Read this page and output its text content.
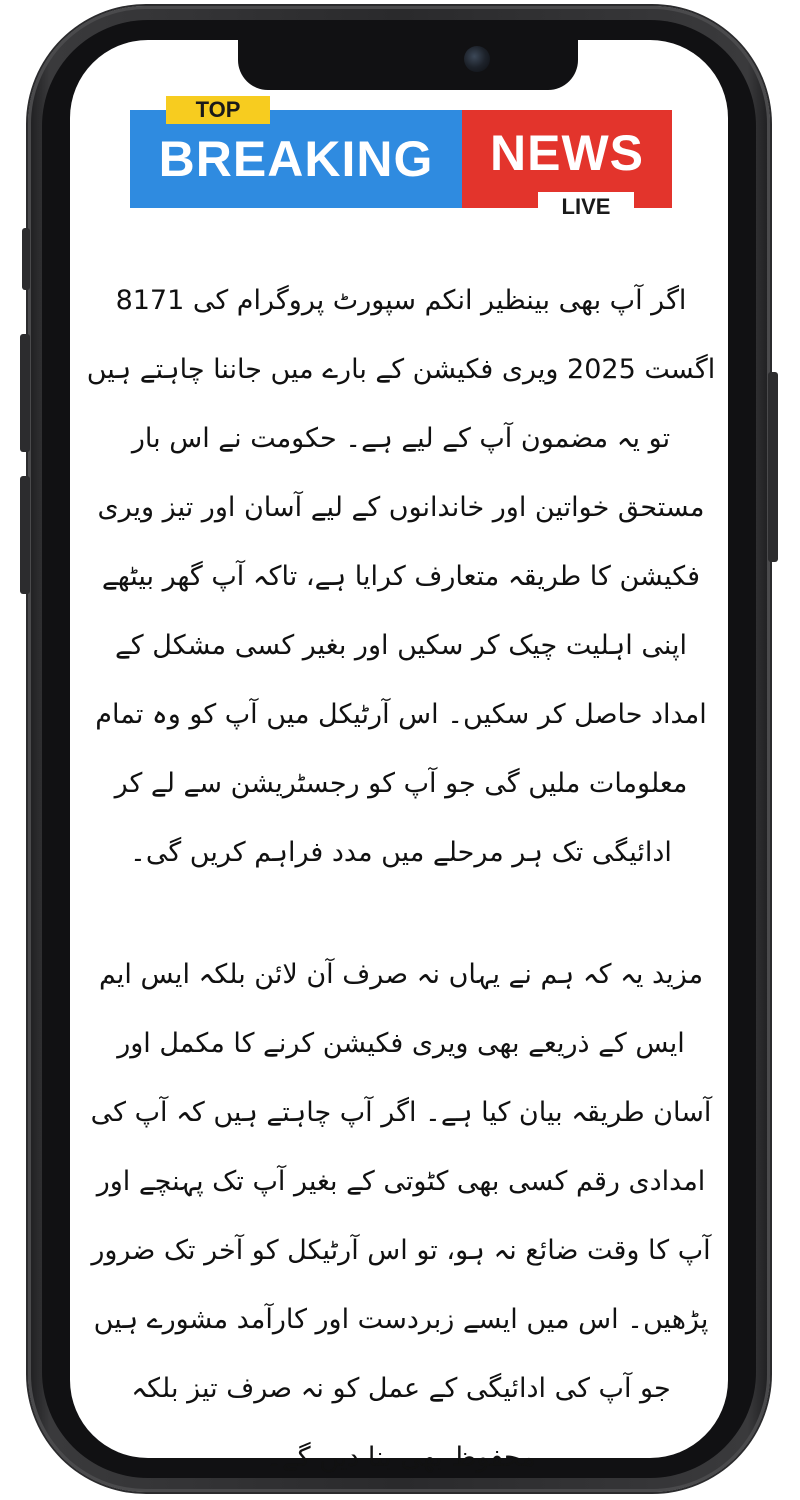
TOP
BREAKING	NEWS
LIVE

اگر آپ بھی بینظیر انکم سپورٹ پروگرام کی 8171 اگست 2025 ویری فکیشن کے بارے میں جاننا چاہتے ہیں تو یہ مضمون آپ کے لیے ہے۔ حکومت نے اس بار مستحق خواتین اور خاندانوں کے لیے آسان اور تیز ویری فکیشن کا طریقہ متعارف کرایا ہے، تاکہ آپ گھر بیٹھے اپنی اہلیت چیک کر سکیں اور بغیر کسی مشکل کے امداد حاصل کر سکیں۔ اس آرٹیکل میں آپ کو وہ تمام معلومات ملیں گی جو آپ کو رجسٹریشن سے لے کر ادائیگی تک ہر مرحلے میں مدد فراہم کریں گی۔

مزید یہ کہ ہم نے یہاں نہ صرف آن لائن بلکہ ایس ایم ایس کے ذریعے بھی ویری فکیشن کرنے کا مکمل اور آسان طریقہ بیان کیا ہے۔ اگر آپ چاہتے ہیں کہ آپ کی امدادی رقم کسی بھی کٹوتی کے بغیر آپ تک پہنچے اور آپ کا وقت ضائع نہ ہو، تو اس آرٹیکل کو آخر تک ضرور پڑھیں۔ اس میں ایسے زبردست اور کارآمد مشورے ہیں جو آپ کی ادائیگی کے عمل کو نہ صرف تیز بلکہ محفوظ بھی بنا دیں گے۔
